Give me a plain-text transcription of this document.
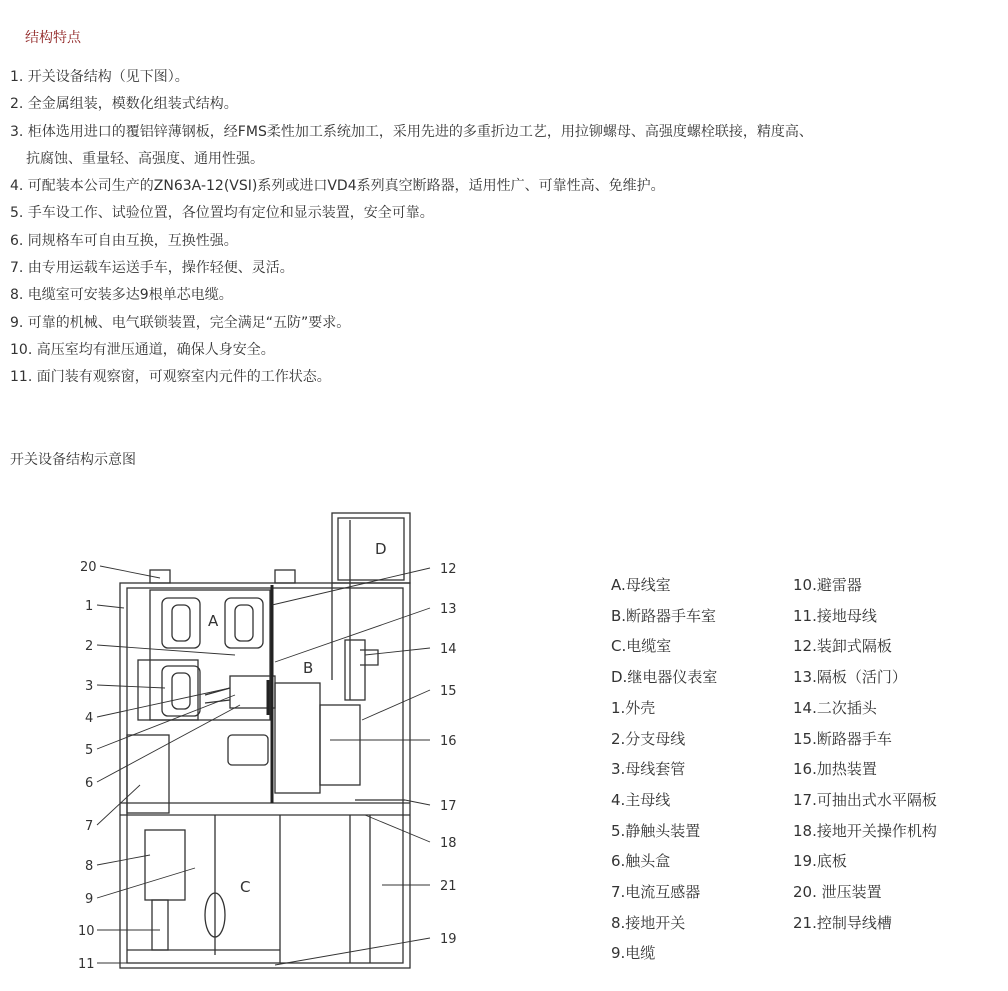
结构特点
1. 开关设备结构（见下图）。
2. 全金属组装，模数化组装式结构。
3. 柜体选用进口的覆铝锌薄钢板，经FMS柔性加工系统加工，采用先进的多重折边工艺，用拉铆螺母、高强度螺栓联接，精度高、
抗腐蚀、重量轻、高强度、通用性强。
4. 可配装本公司生产的ZN63A-12(VSI)系列或进口VD4系列真空断路器，适用性广、可靠性高、免维护。
5. 手车设工作、试验位置，各位置均有定位和显示装置，安全可靠。
6. 同规格车可自由互换，互换性强。
7. 由专用运载车运送手车，操作轻便、灵活。
8. 电缆室可安装多达9根单芯电缆。
9. 可靠的机械、电气联锁装置，完全满足“五防”要求。
10. 高压室均有泄压通道，确保人身安全。
11. 面门装有观察窗，可观察室内元件的工作状态。
开关设备结构示意图
A
B
C
D
20
1
2
3
4
5
6
7
8
9
10
11
12
13
14
15
16
17
18
21
19
A.母线室
B.断路器手车室
C.电缆室
D.继电器仪表室
1.外壳
2.分支母线
3.母线套管
4.主母线
5.静触头装置
6.触头盒
7.电流互感器
8.接地开关
9.电缆
10.避雷器
11.接地母线
12.装卸式隔板
13.隔板（活门）
14.二次插头
15.断路器手车
16.加热装置
17.可抽出式水平隔板
18.接地开关操作机构
19.底板
20. 泄压装置
21.控制导线槽
